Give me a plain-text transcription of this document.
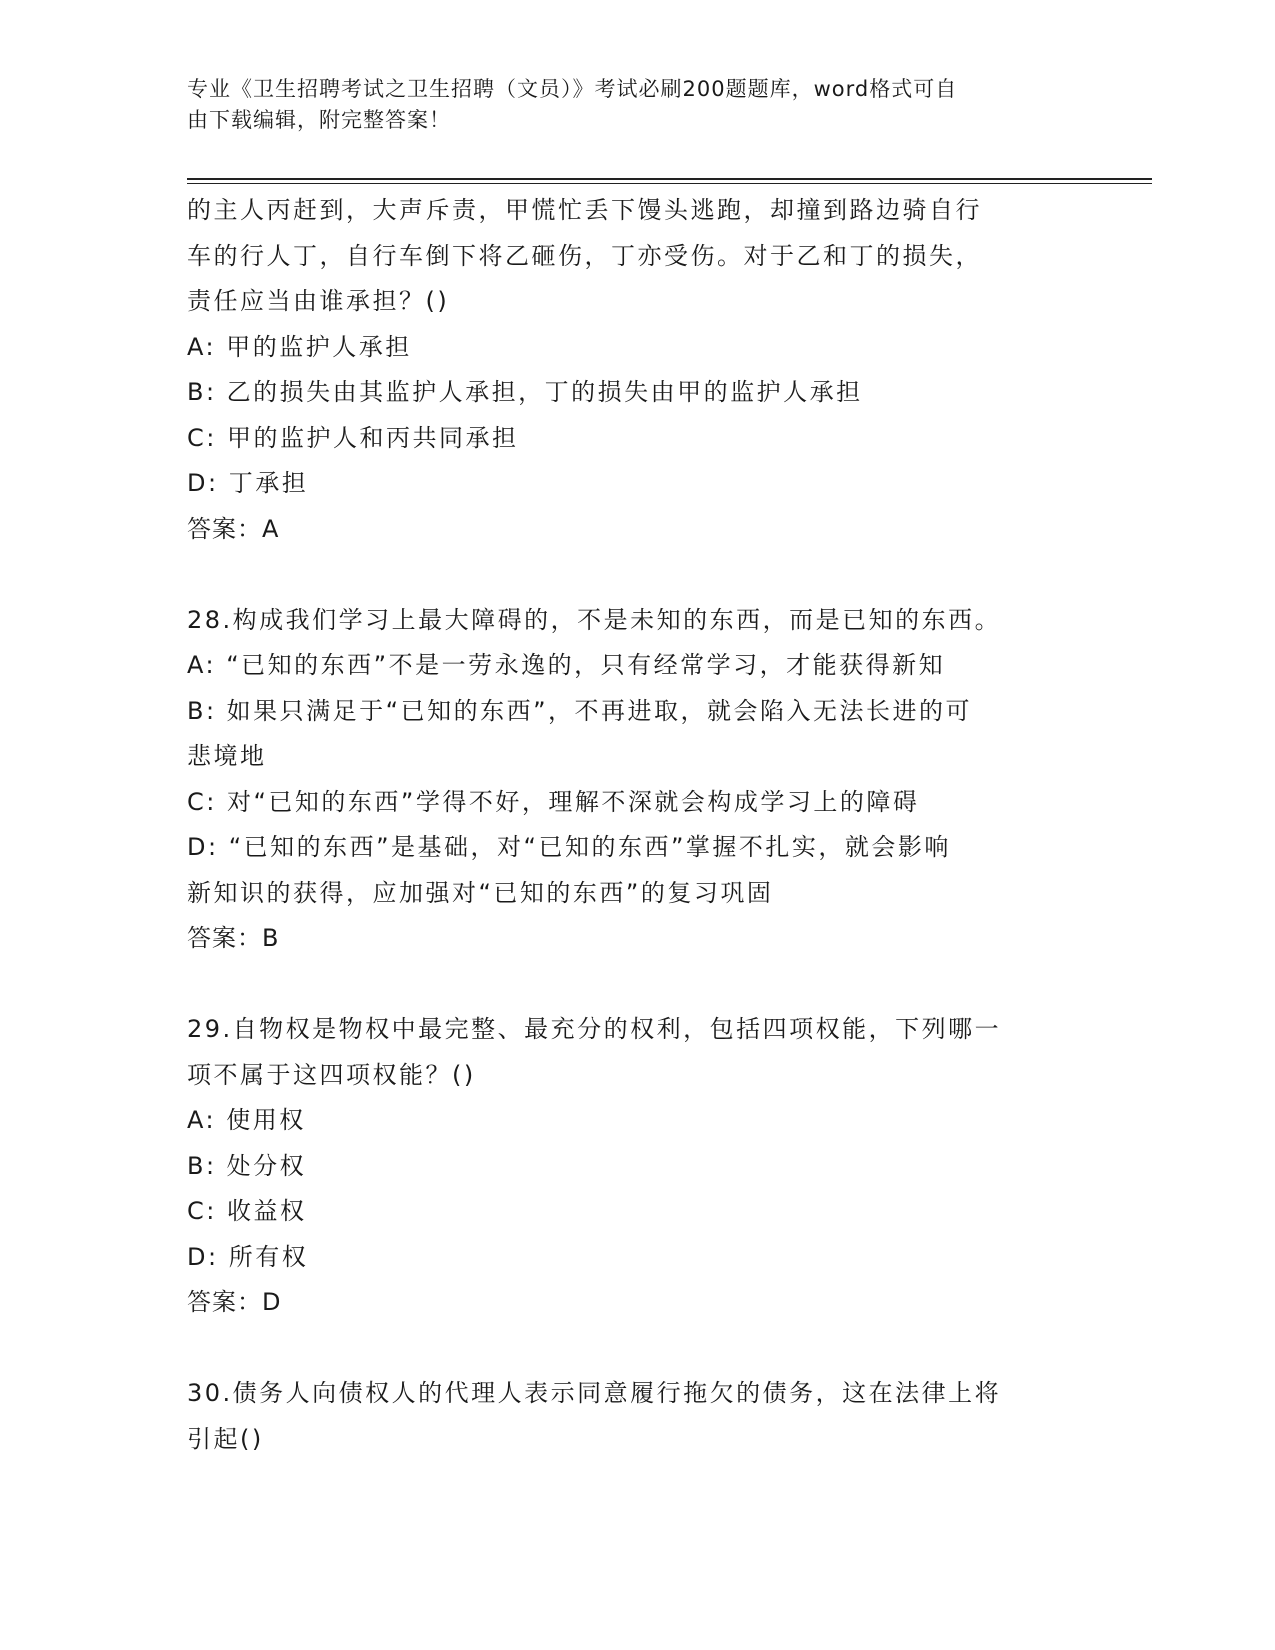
专业《卫生招聘考试之卫生招聘（文员）》考试必刷200题题库，word格式可自
由下载编辑，附完整答案！
的主人丙赶到，大声斥责，甲慌忙丢下馒头逃跑，却撞到路边骑自行
车的行人丁，自行车倒下将乙砸伤，丁亦受伤。对于乙和丁的损失，
责任应当由谁承担？()
A: 甲的监护人承担
B: 乙的损失由其监护人承担，丁的损失由甲的监护人承担
C: 甲的监护人和丙共同承担
D: 丁承担
答案：A
28.构成我们学习上最大障碍的，不是未知的东西，而是已知的东西。
A: “已知的东西”不是一劳永逸的，只有经常学习，才能获得新知
B: 如果只满足于“已知的东西”，不再进取，就会陷入无法长进的可
悲境地
C: 对“已知的东西”学得不好，理解不深就会构成学习上的障碍
D: “已知的东西”是基础，对“已知的东西”掌握不扎实，就会影响
新知识的获得，应加强对“已知的东西”的复习巩固
答案：B
29.自物权是物权中最完整、最充分的权利，包括四项权能，下列哪一
项不属于这四项权能？()
A: 使用权
B: 处分权
C: 收益权
D: 所有权
答案：D
30.债务人向债权人的代理人表示同意履行拖欠的债务，这在法律上将
引起()
